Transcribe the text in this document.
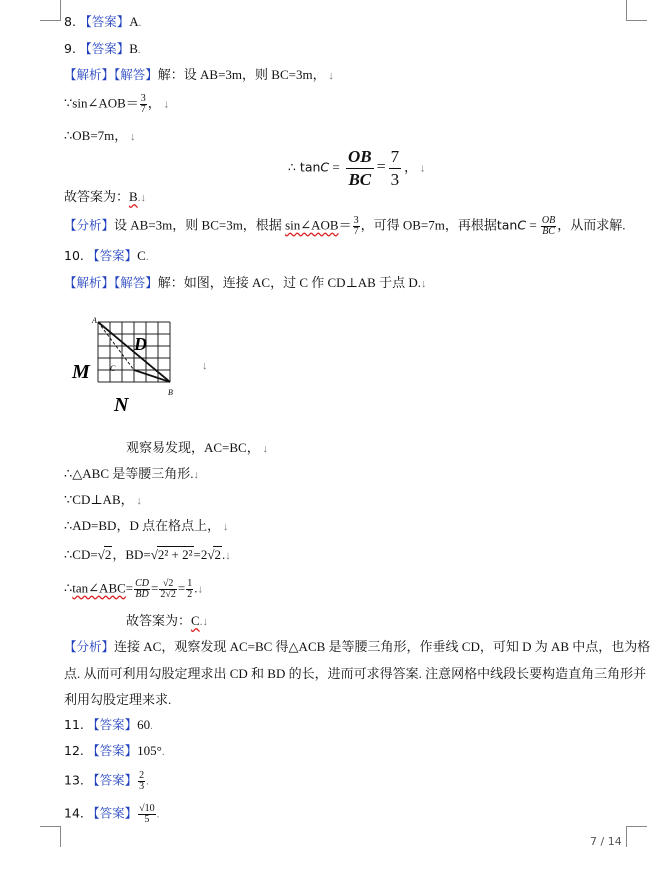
8. 【答案】A.
9. 【答案】B.
【解析】【解答】解：设 AB=3m，则 BC=3m， ↓
∵sin∠AOB＝ $\frac{3}{7}$ ， ↓
∴OB=7m， ↓
∴ $\tan C = \frac{OB}{BC} = \frac{7}{3}$ ， ↓
故答案为：B.↓
【分析】设 AB=3m，则 BC=3m，根据 sin∠AOB＝ $\frac{3}{7}$ ，可得 OB=7m，再根据$\tan C = \frac{OB}{BC}$ ，从而求解.
10. 【答案】C.
【解析】【解答】解：如图，连接 AC，过 C 作 CD⊥AB 于点 D.↓
A
D
C
M
B
N
↓
观察易发现，AC=BC， ↓
∴△ABC 是等腰三角形.↓
∵CD⊥AB， ↓
∴AD=BD，D 点在格点上， ↓
∴CD=√2，BD=√2² + 2²=2√2.↓
∴tan∠ABC= $\frac{CD}{BD} = \frac{√2}{2√2} = \frac{1}{2}$ .↓
故答案为：C.↓
【分析】连接 AC，观察发现 AC=BC 得△ACB 是等腰三角形，作垂线 CD，可知 D 为 AB 中点，也为格
点. 从而可利用勾股定理求出 CD 和 BD 的长，进而可求得答案. 注意网格中线段长要构造直角三角形并
利用勾股定理来求.
11. 【答案】60.
12. 【答案】105°.
13. 【答案】 $\frac{2}{3}$ .
14. 【答案】 $\frac{√10}{5}$ .
7 / 14
